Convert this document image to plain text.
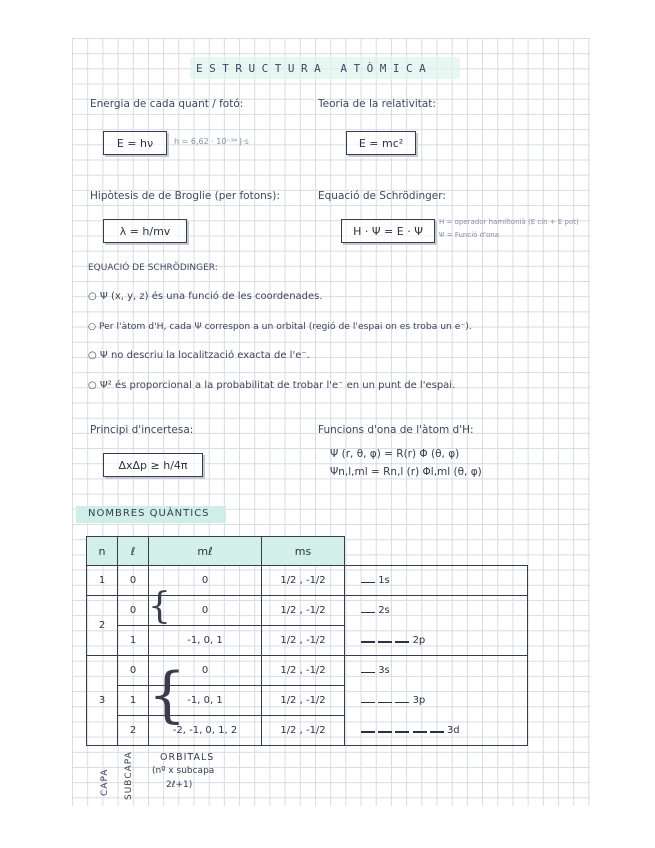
ESTRUCTURA ATÒMICA
Energia de cada quant / fotó:
E = hν	h = 6,62 · 10⁻³⁴ J·s
Teoria de la relativitat:
E = mc²
Hipòtesis de de Broglie (per fotons):
λ = h/mv
Equació de Schrödinger:
H · Ψ = E · Ψ
H = operador hamiltonià (E cin + E pot)
Ψ = Funció d'ona
EQUACIÓ DE SCHRÖDINGER:
○ Ψ (x, y, z) és una funció de les coordenades.
○ Per l'àtom d'H, cada Ψ correspon a un orbital (regió de l'espai on es troba un e⁻).
○ Ψ no descriu la localització exacta de l'e⁻.
○ Ψ² és proporcional a la probabilitat de trobar l'e⁻ en un punt de l'espai.
Principi d'incertesa:
ΔxΔp ≥ h/4π
Funcions d'ona de l'àtom d'H:
Ψ (r, θ, φ) = R(r) Φ (θ, φ)
Ψn,l,ml = Rn,l (r) Φl,ml (θ, φ)
NOMBRES QUÀNTICS
n	ℓ	mℓ	ms	
1	0	0	1/2 , -1/2	1s
2	0	0	1/2 , -1/2	2s
	1	-1, 0, 1	1/2 , -1/2	2p
3	0	0	1/2 , -1/2	3s
	1	-1, 0, 1	1/2 , -1/2	3p
	2	-2, -1, 0, 1, 2	1/2 , -1/2	3d
{
{
CAPA SUBCAPA	ORBITALS
(nº x subcapa
2ℓ+1)
